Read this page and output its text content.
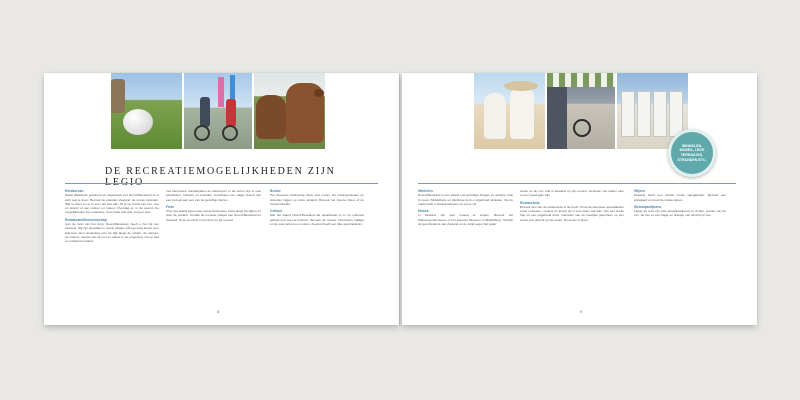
DE RECREATIEMOGELIJKHEDEN ZIJN
Reisbureau

Naast Badstede getekend en afgestuurd het Noord-Beveland is er echt wat te doen. Bezoek de eilanden Zeeland, de mooie stranden. Wat te doen en er is voor elk wat wils. Of je nu houdt van zon, zee en strand of van cultuur en natuur. Overdag en in de avond. De mogelijkheden zijn eindeloos. Voor ieder wat wils, jong en oud.

Restaurant/Gemeenschap

Aan de rand van het dorp, Noord-Beveland, heeft u het rijk van Zeeland. Wij zijn specialist in mooie plekjes. Met genoeg keuze voor iedereen. Een wandeling over de dijk langs de velden, de dorpjes, de molens. Geniet van de rust en natuur in de omgeving. Ga op pad en ontdek het eiland.

met fietsroutes, wandelpaden en watersport. In de zomer zijn er veel activiteiten, markten en festivals. Combineer een dagje strand met een bezoek aan een van de gezellige dorpen.

Fiets

Over het eiland lopen vele mooie fietsroutes. Fiets langs de dijken en door de polders. Ontdek de mooiste plekjes van Noord-Beveland en Zeeland. Huur een fiets in het dorp en ga op pad.

Bruine

Het Zeeuwse landschap biedt veel moois. De natuurgebieden en stranden liggen op korte afstand. Bezoek het Veerse Meer of de Oosterschelde.

Cultuur

Met het eiland Noord-Beveland als uitvalsbasis is er op cultureel gebied ook veel te beleven. Bezoek de musea, historische stadjes en de vele kerken en molens. Zeeland heeft een rijke geschiedenis.

8
WINKELEN, MUSEA, LEGE TERRASJES, STRANDEN ETC.
Winkelen

Noord-Beveland is een eiland met gezellige dorpjes en winkels. Ook in Goes, Middelburg en Zierikzee kunt u uitgebreid winkelen. Op de markt vindt u streekproducten en verse vis.

Musea

In Zeeland zijn vele musea te vinden. Bezoek het Watersnoodmuseum of het Zeeuws Museum in Middelburg. Ontdek de geschiedenis van Zeeland en de strijd tegen het water.

terras en de zon. Dat is Zeeland op zijn mooist. Genieten van lekker eten en een goed glas wijn.

Restaurants

Bezoek een van de restaurants in de buurt. Proef de Zeeuwse specialiteiten zoals mosselen, oesters en kreeft. Er is voor ieder wat wils. Van een snelle hap tot een uitgebreid diner. Genieten van de heerlijke gerechten op een terras met uitzicht op het water. De keuze is groot.

Wijnen

Zeeland heeft een aantal mooie wijngaarden. Bezoek een wijngaard en proef de lokale wijnen.

Strandpaviljoens

Langs de kust zijn vele strandpaviljoens te vinden. Geniet van de zon, de zee en een hapje en drankje met uitzicht op zee.

9
